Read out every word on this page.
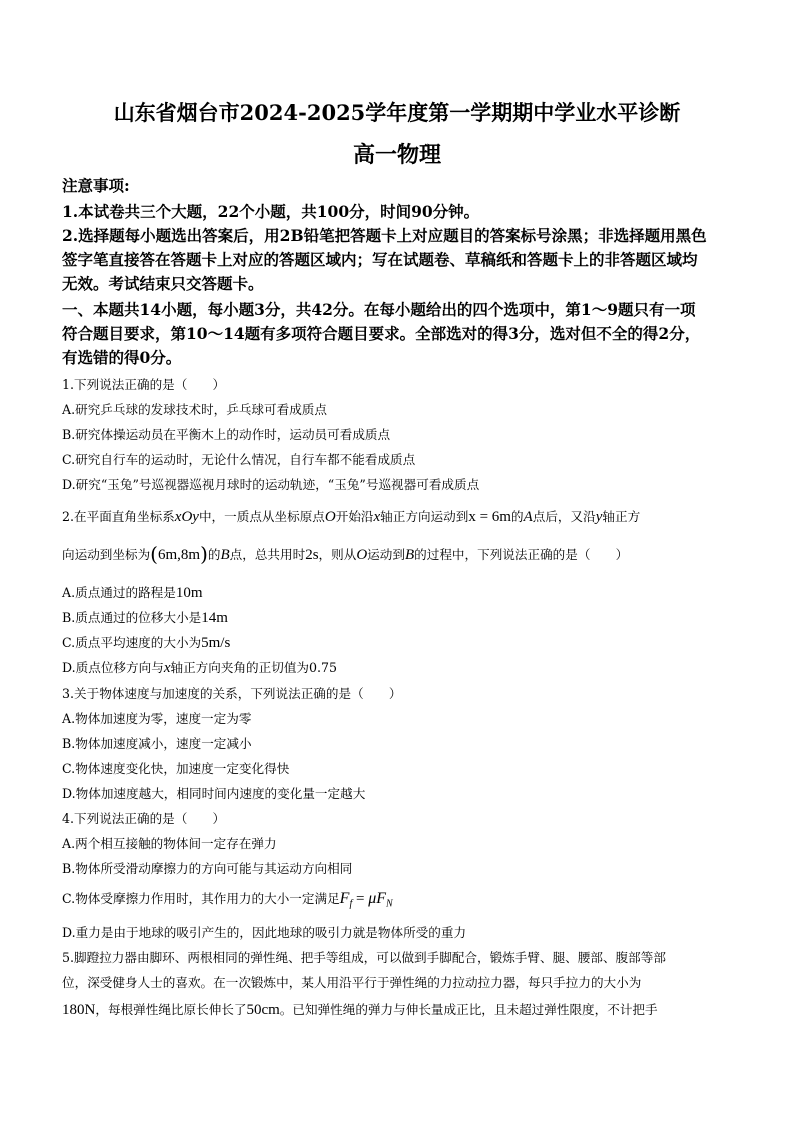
山东省烟台市2024-2025学年度第一学期期中学业水平诊断
高一物理
注意事项:
1.本试卷共三个大题，22个小题，共100分，时间90分钟。
2.选择题每小题选出答案后，用2B铅笔把答题卡上对应题目的答案标号涂黑；非选择题用黑色
签字笔直接答在答题卡上对应的答题区域内；写在试题卷、草稿纸和答题卡上的非答题区域均
无效。考试结束只交答题卡。
一、本题共14小题，每小题3分，共42分。在每小题给出的四个选项中，第1～9题只有一项
符合题目要求，第10～14题有多项符合题目要求。全部选对的得3分，选对但不全的得2分，
有选错的得0分。
1.下列说法正确的是（　　）
A.研究乒乓球的发球技术时，乒乓球可看成质点
B.研究体操运动员在平衡木上的动作时，运动员可看成质点
C.研究自行车的运动时，无论什么情况，自行车都不能看成质点
D.研究“玉兔”号巡视器巡视月球时的运动轨迹，“玉兔”号巡视器可看成质点
2.在平面直角坐标系xOy中，一质点从坐标原点O开始沿x轴正方向运动到x = 6m的A点后，又沿y轴正方
向运动到坐标为(6m,8m)的B点，总共用时2s，则从O运动到B的过程中，下列说法正确的是（　　）
A.质点通过的路程是10m
B.质点通过的位移大小是14m
C.质点平均速度的大小为5m/s
D.质点位移方向与x轴正方向夹角的正切值为0.75
3.关于物体速度与加速度的关系，下列说法正确的是（　　）
A.物体加速度为零，速度一定为零
B.物体加速度减小，速度一定减小
C.物体速度变化快，加速度一定变化得快
D.物体加速度越大，相同时间内速度的变化量一定越大
4.下列说法正确的是（　　）
A.两个相互接触的物体间一定存在弹力
B.物体所受滑动摩擦力的方向可能与其运动方向相同
C.物体受摩擦力作用时，其作用力的大小一定满足$F_f = \mu F_N$
D.重力是由于地球的吸引产生的，因此地球的吸引力就是物体所受的重力
5.脚蹬拉力器由脚环、两根相同的弹性绳、把手等组成，可以做到手脚配合，锻炼手臂、腿、腰部、腹部等部
位，深受健身人士的喜欢。在一次锻炼中，某人用沿平行于弹性绳的力拉动拉力器，每只手拉力的大小为
180N，每根弹性绳比原长伸长了50cm。已知弹性绳的弹力与伸长量成正比，且未超过弹性限度，不计把手
